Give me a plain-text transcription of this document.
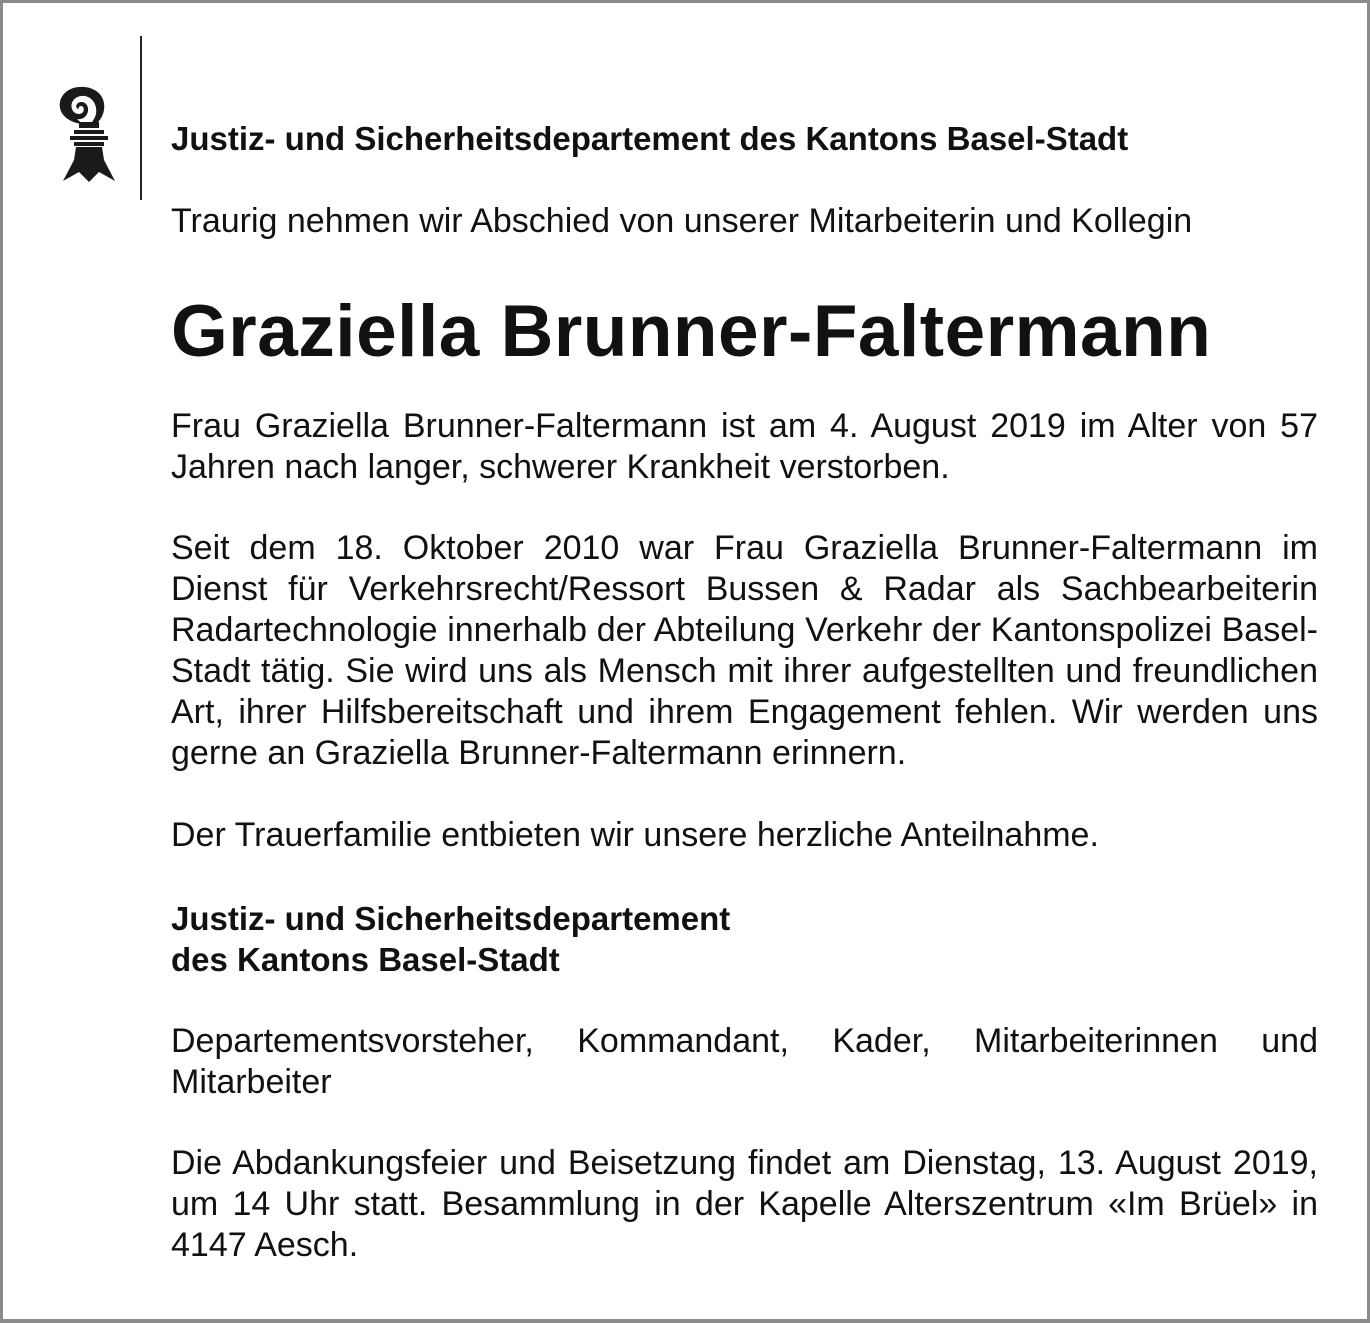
Justiz- und Sicherheitsdepartement des Kantons Basel-Stadt
Traurig nehmen wir Abschied von unserer Mitarbeiterin und Kollegin
Graziella Brunner-Faltermann
Frau Graziella Brunner-Faltermann ist am 4. August 2019 im Alter von 57 Jahren nach langer, schwerer Krankheit verstorben.
Seit dem 18. Oktober 2010 war Frau Graziella Brunner-Faltermann im Dienst für Verkehrsrecht/Ressort Bussen & Radar als Sachbearbeiterin Radartechnologie innerhalb der Abteilung Verkehr der Kantonspolizei Basel-Stadt tätig. Sie wird uns als Mensch mit ihrer aufgestellten und freundlichen Art, ihrer Hilfsbereitschaft und ihrem Engagement fehlen. Wir werden uns gerne an Graziella Brunner-Faltermann erinnern.
Der Trauerfamilie entbieten wir unsere herzliche Anteilnahme.
Justiz- und Sicherheitsdepartement
des Kantons Basel-Stadt
Departementsvorsteher, Kommandant, Kader, Mitarbeiterinnen und Mitarbeiter
Die Abdankungsfeier und Beisetzung findet am Dienstag, 13. August 2019, um 14 Uhr statt. Besammlung in der Kapelle Alterszentrum «Im Brüel» in 4147 Aesch.
